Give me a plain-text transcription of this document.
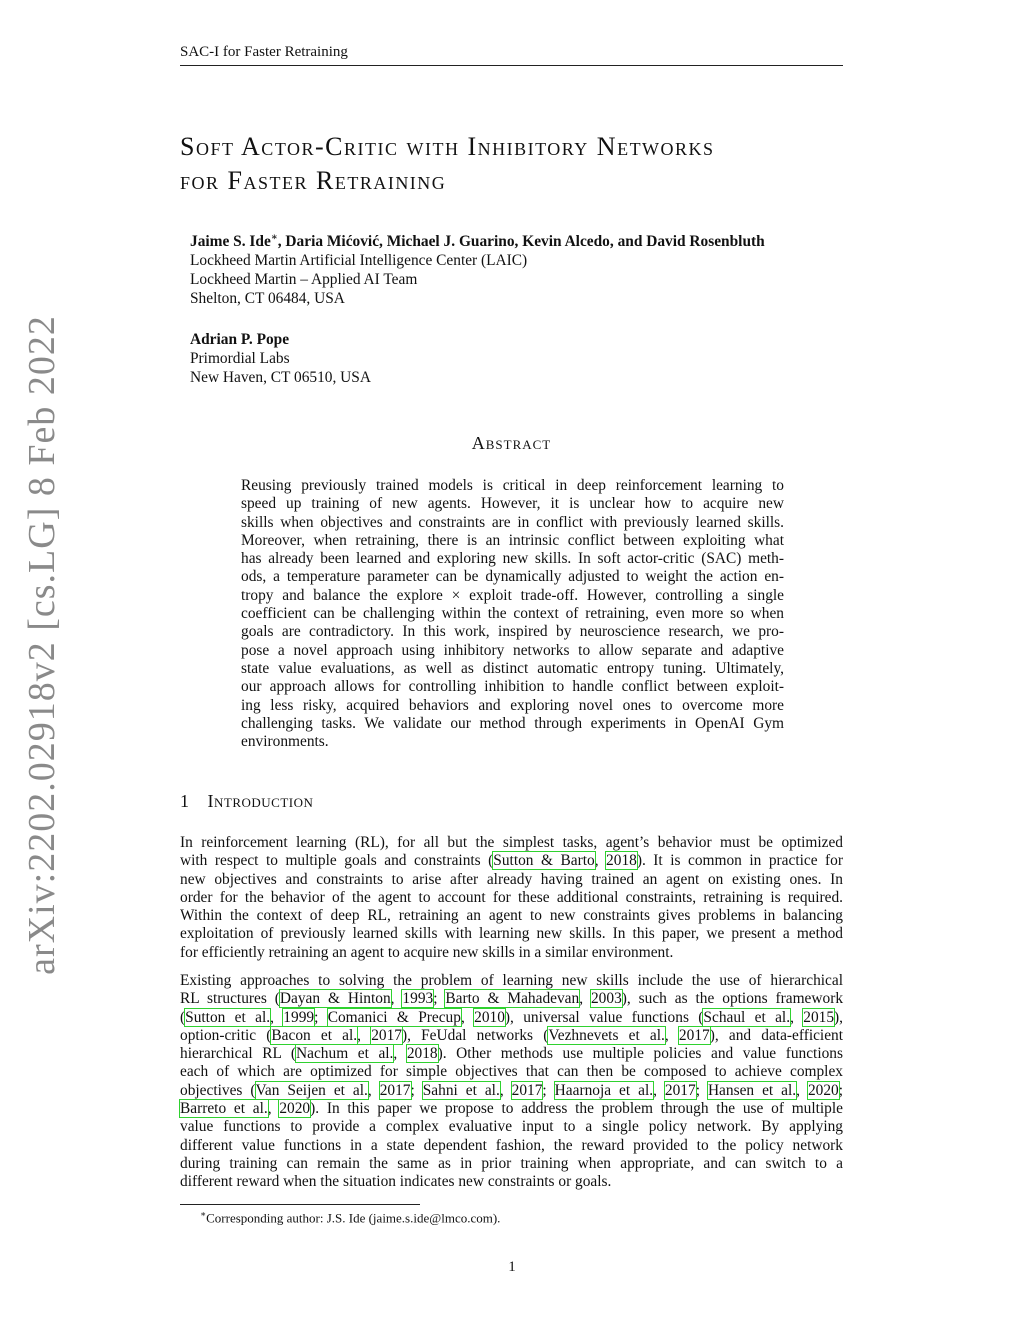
SAC-I for Faster Retraining
arXiv:2202.02918v2 [cs.LG] 8 Feb 2022
Soft Actor-Critic with Inhibitory Networks
for Faster Retraining
Jaime S. Ide∗, Daria Mićović, Michael J. Guarino, Kevin Alcedo, and David Rosenbluth
Lockheed Martin Artificial Intelligence Center (LAIC)
Lockheed Martin – Applied AI Team
Shelton, CT 06484, USA
Adrian P. Pope
Primordial Labs
New Haven, CT 06510, USA
Abstract
Reusing previously trained models is critical in deep reinforcement learning to
speed up training of new agents. However, it is unclear how to acquire new
skills when objectives and constraints are in conflict with previously learned skills.
Moreover, when retraining, there is an intrinsic conflict between exploiting what
has already been learned and exploring new skills. In soft actor-critic (SAC) meth-
ods, a temperature parameter can be dynamically adjusted to weight the action en-
tropy and balance the explore × exploit trade-off. However, controlling a single
coefficient can be challenging within the context of retraining, even more so when
goals are contradictory. In this work, inspired by neuroscience research, we pro-
pose a novel approach using inhibitory networks to allow separate and adaptive
state value evaluations, as well as distinct automatic entropy tuning. Ultimately,
our approach allows for controlling inhibition to handle conflict between exploit-
ing less risky, acquired behaviors and exploring novel ones to overcome more
challenging tasks. We validate our method through experiments in OpenAI Gym
environments.
1 Introduction
In reinforcement learning (RL), for all but the simplest tasks, agent’s behavior must be optimized
with respect to multiple goals and constraints (Sutton & Barto, 2018). It is common in practice for
new objectives and constraints to arise after already having trained an agent on existing ones. In
order for the behavior of the agent to account for these additional constraints, retraining is required.
Within the context of deep RL, retraining an agent to new constraints gives problems in balancing
exploitation of previously learned skills with learning new skills. In this paper, we present a method
for efficiently retraining an agent to acquire new skills in a similar environment.
Existing approaches to solving the problem of learning new skills include the use of hierarchical
RL structures (Dayan & Hinton, 1993; Barto & Mahadevan, 2003), such as the options framework
(Sutton et al., 1999; Comanici & Precup, 2010), universal value functions (Schaul et al., 2015),
option-critic (Bacon et al., 2017), FeUdal networks (Vezhnevets et al., 2017), and data-efficient
hierarchical RL (Nachum et al., 2018). Other methods use multiple policies and value functions
each of which are optimized for simple objectives that can then be composed to achieve complex
objectives (Van Seijen et al., 2017; Sahni et al., 2017; Haarnoja et al., 2017; Hansen et al., 2020;
Barreto et al., 2020). In this paper we propose to address the problem through the use of multiple
value functions to provide a complex evaluative input to a single policy network. By applying
different value functions in a state dependent fashion, the reward provided to the policy network
during training can remain the same as in prior training when appropriate, and can switch to a
different reward when the situation indicates new constraints or goals.
∗Corresponding author: J.S. Ide (jaime.s.ide@lmco.com).
1
